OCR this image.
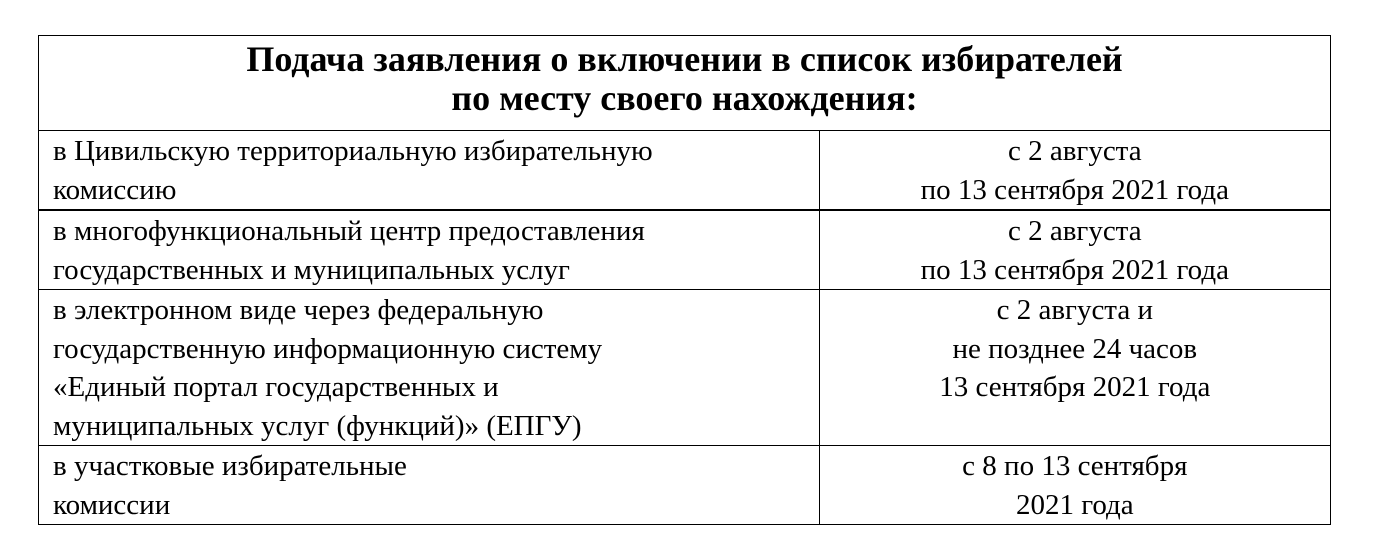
Подача заявления о включении в список избирателей
по месту своего нахождения:	

в Цивильскую территориальную избирательную
комиссию	с 2 августа
по 13 сентября 2021 года

в многофункциональный центр предоставления
государственных и муниципальных услуг	с 2 августа
по 13 сентября 2021 года

в электронном виде через федеральную
государственную информационную систему
«Единый портал государственных и
муниципальных услуг (функций)» (ЕПГУ)	с 2 августа и
не позднее 24 часов
13 сентября 2021 года

в участковые избирательные
комиссии	с 8 по 13 сентября
2021 года
